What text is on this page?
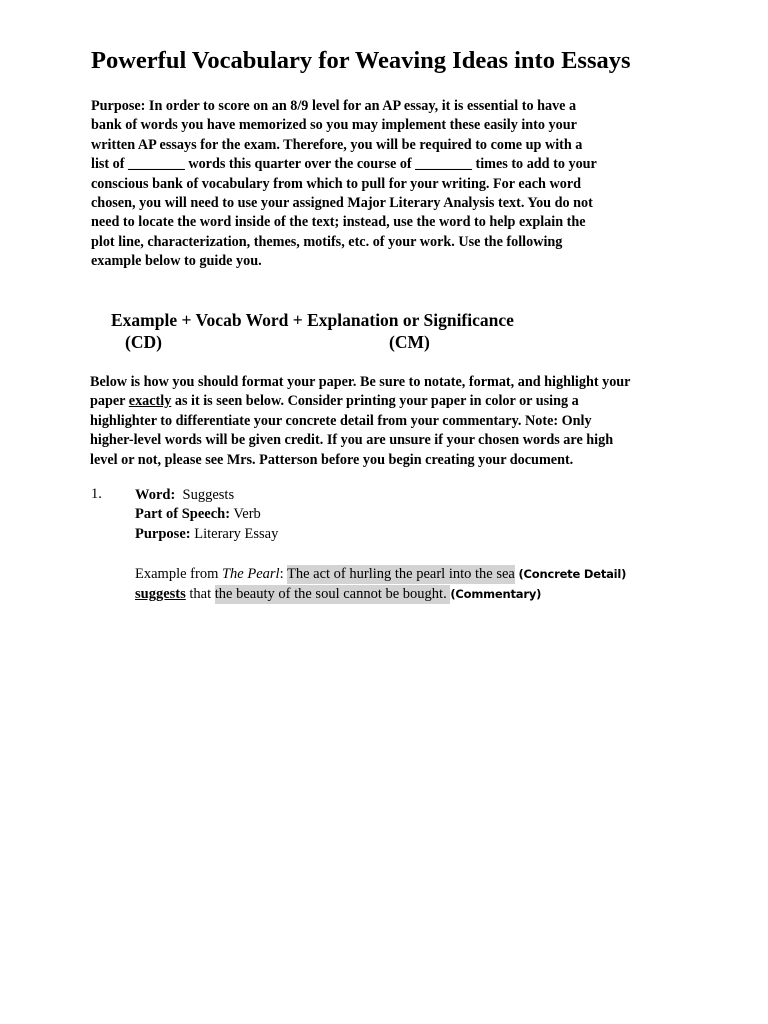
Powerful Vocabulary for Weaving Ideas into Essays
Purpose: In order to score on an 8/9 level for an AP essay, it is essential to have a
bank of words you have memorized so you may implement these easily into your
written AP essays for the exam. Therefore, you will be required to come up with a
list of ________ words this quarter over the course of ________ times to add to your
conscious bank of vocabulary from which to pull for your writing. For each word
chosen, you will need to use your assigned Major Literary Analysis text. You do not
need to locate the word inside of the text; instead, use the word to help explain the
plot line, characterization, themes, motifs, etc. of your work. Use the following
example below to guide you.
Example + Vocab Word + Explanation or Significance
(CD)	(CM)
Below is how you should format your paper. Be sure to notate, format, and highlight your
paper exactly as it is seen below. Consider printing your paper in color or using a
highlighter to differentiate your concrete detail from your commentary. Note: Only
higher-level words will be given credit. If you are unsure if your chosen words are high
level or not, please see Mrs. Patterson before you begin creating your document.
1. Word: Suggests
Part of Speech: Verb
Purpose: Literary Essay
Example from The Pearl: The act of hurling the pearl into the sea (Concrete Detail)
suggests that the beauty of the soul cannot be bought. (Commentary)
